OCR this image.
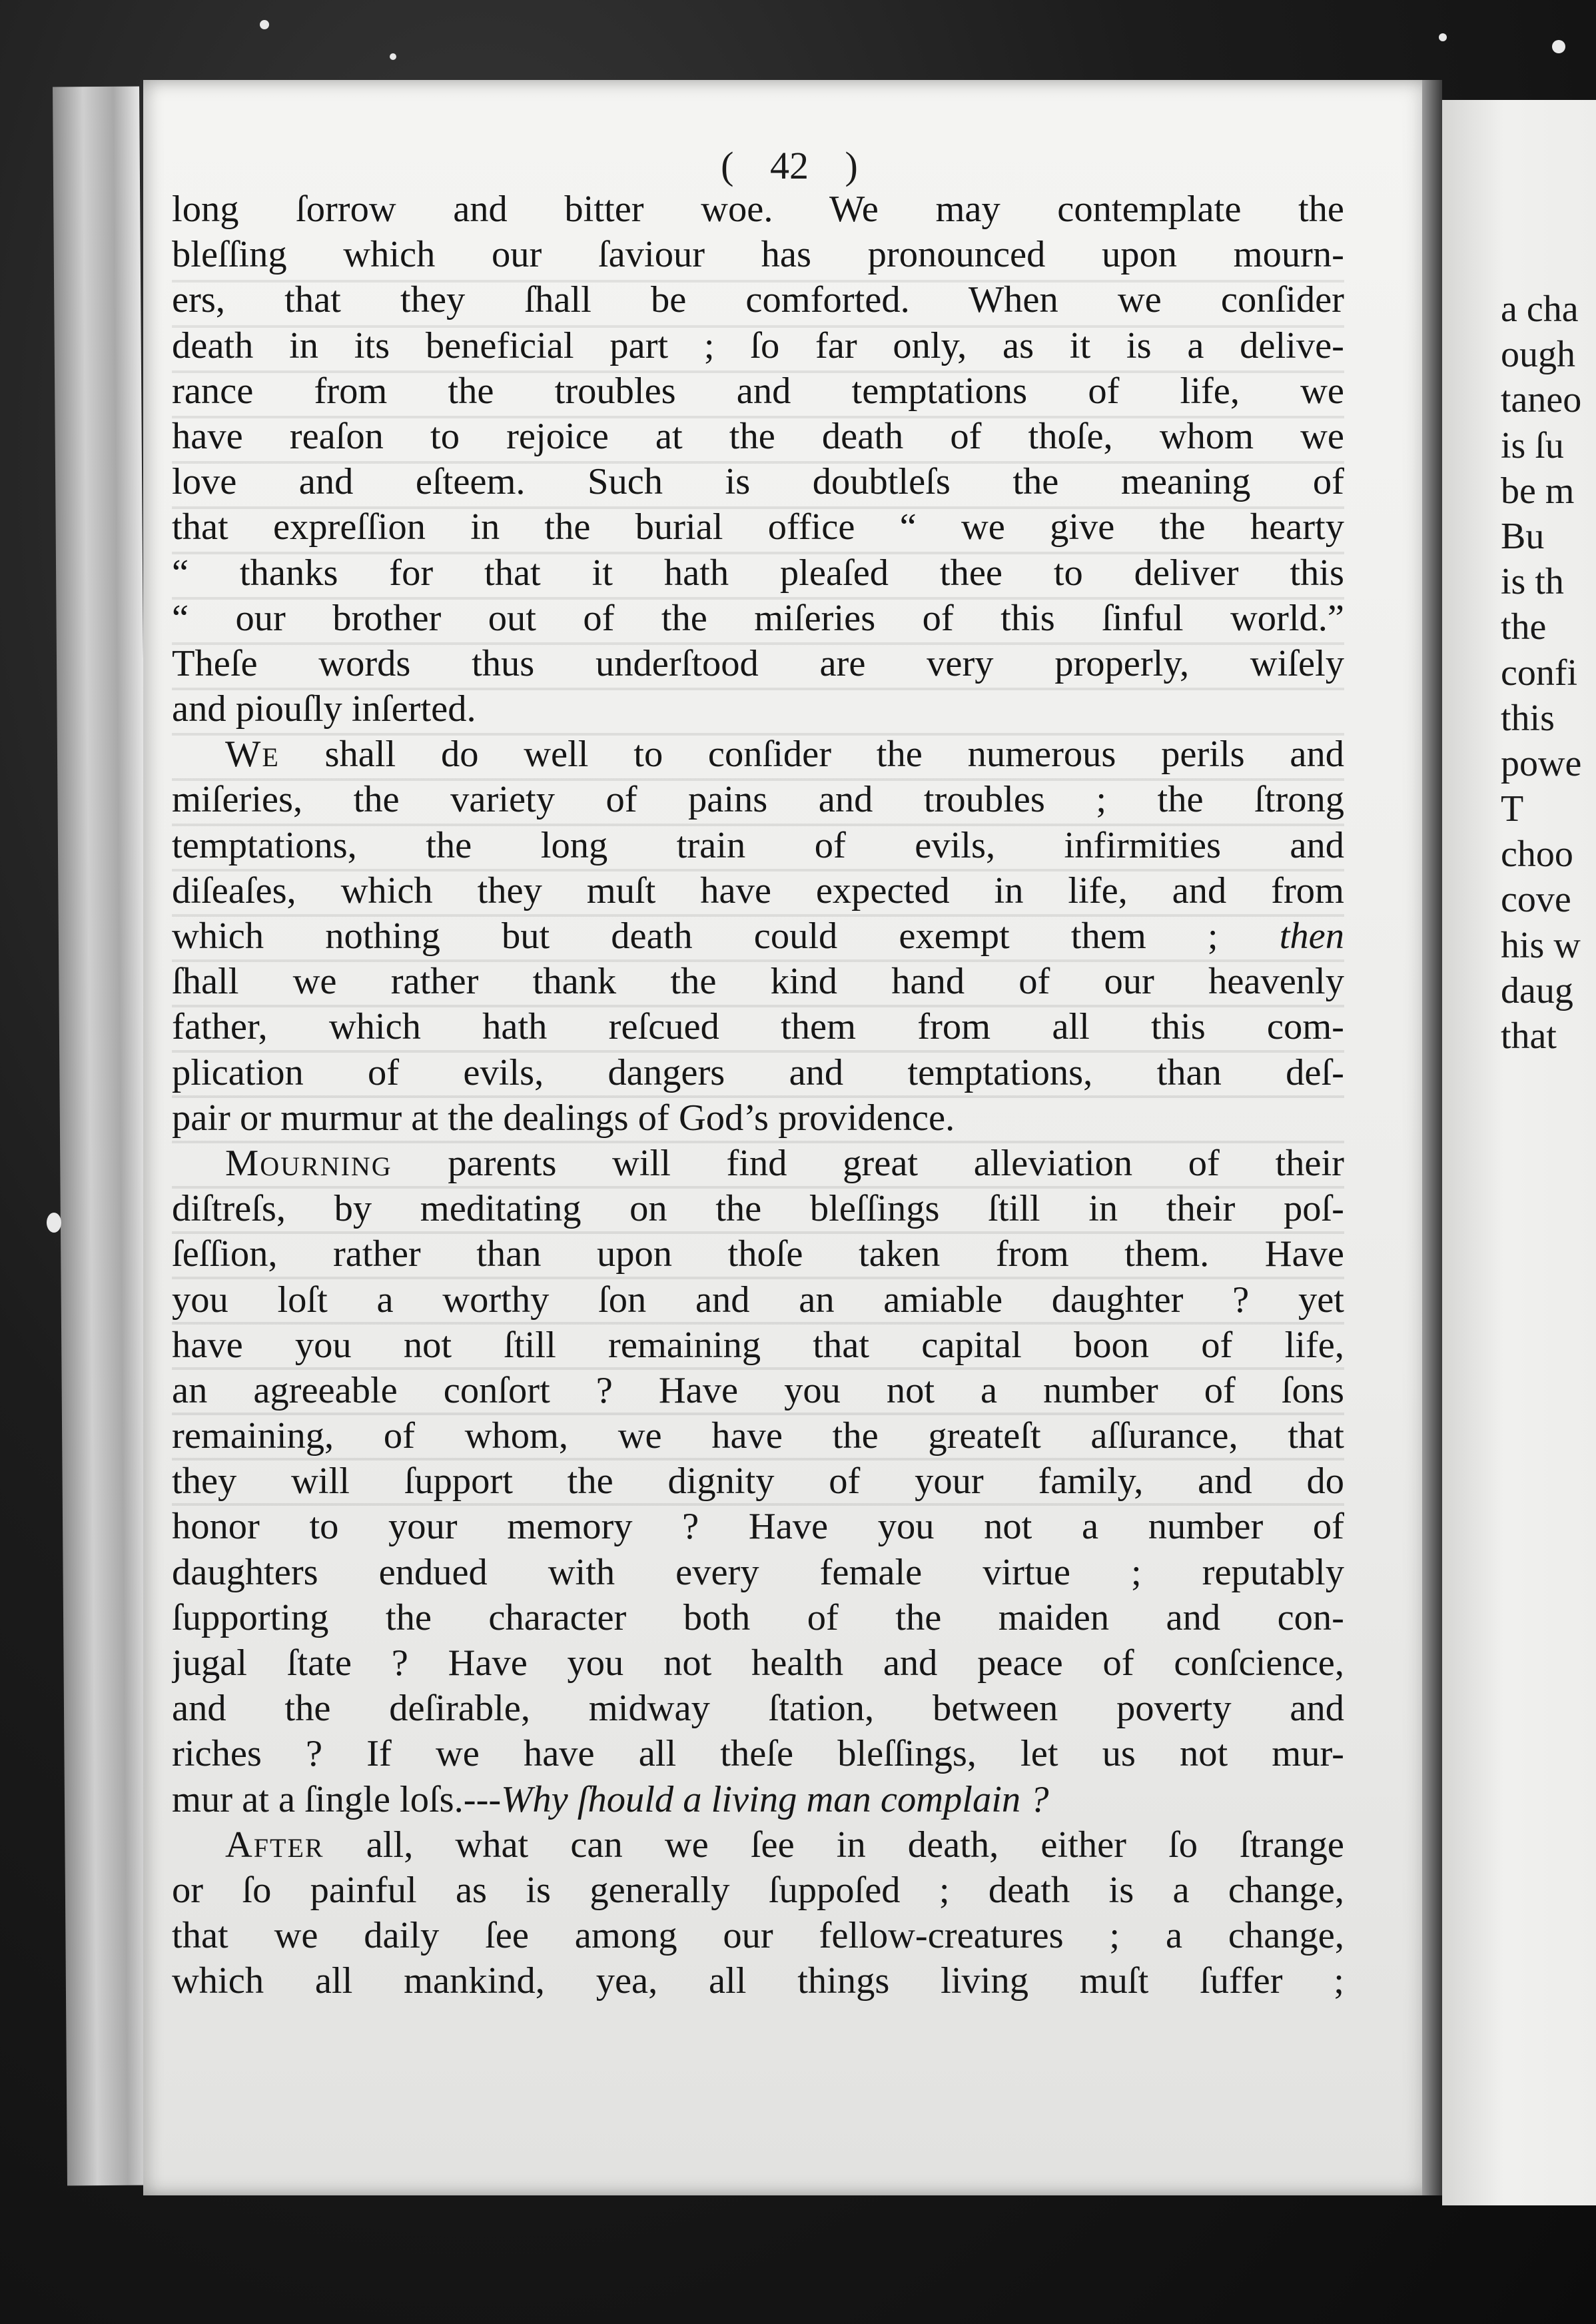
a cha
ough
taneo
is ſu
be m
Bu
is th
the
confi
this
powe
T
choo
cove
his w
daug
that
( 42 )
long ſorrow and bitter woe. We may contemplate the
bleſſing which our ſaviour has pronounced upon mourn-
ers, that they ſhall be comforted. When we conſider
death in its beneficial part ; ſo far only, as it is a delive-
rance from the troubles and temptations of life, we
have reaſon to rejoice at the death of thoſe, whom we
love and eſteem. Such is doubtleſs the meaning of
that expreſſion in the burial office “ we give the hearty
“ thanks for that it hath pleaſed thee to deliver this
“ our brother out of the miſeries of this ſinful world.”
Theſe words thus underſtood are very properly, wiſely
and piouſly inſerted.
We shall do well to conſider the numerous perils and
miſeries, the variety of pains and troubles ; the ſtrong
temptations, the long train of evils, infirmities and
diſeaſes, which they muſt have expected in life, and from
which nothing but death could exempt them ; then
ſhall we rather thank the kind hand of our heavenly
father, which hath reſcued them from all this com-
plication of evils, dangers and temptations, than deſ-
pair or murmur at the dealings of God’s providence.
Mourning parents will find great alleviation of their
diſtreſs, by meditating on the bleſſings ſtill in their poſ-
ſeſſion, rather than upon thoſe taken from them. Have
you loſt a worthy ſon and an amiable daughter ? yet
have you not ſtill remaining that capital boon of life,
an agreeable conſort ? Have you not a number of ſons
remaining, of whom, we have the greateſt aſſurance, that
they will ſupport the dignity of your family, and do
honor to your memory ? Have you not a number of
daughters endued with every female virtue ; reputably
ſupporting the character both of the maiden and con-
jugal ſtate ? Have you not health and peace of conſcience,
and the deſirable, midway ſtation, between poverty and
riches ? If we have all theſe bleſſings, let us not mur-
mur at a ſingle loſs.---Why ſhould a living man complain ?
After all, what can we ſee in death, either ſo ſtrange
or ſo painful as is generally ſuppoſed ; death is a change,
that we daily ſee among our fellow-creatures ; a change,
which all mankind, yea, all things living muſt ſuffer ;
